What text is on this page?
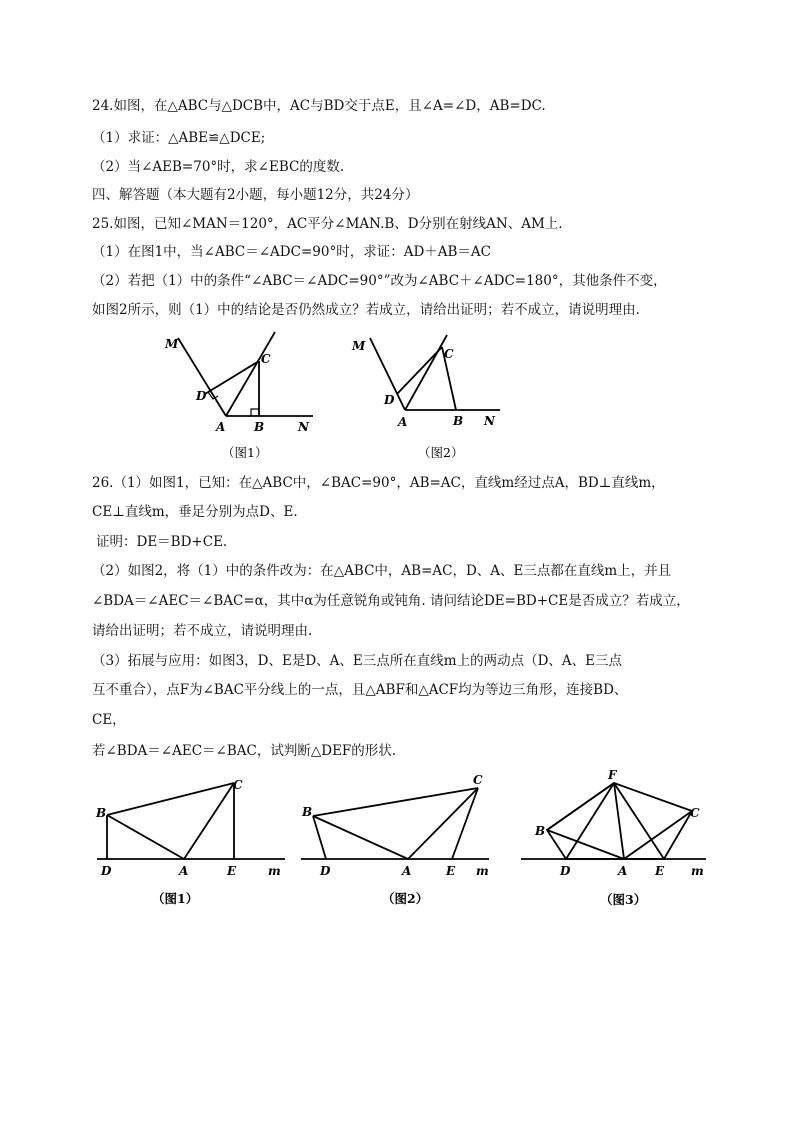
24.如图，在△ABC与△DCB中，AC与BD交于点E，且∠A=∠D，AB=DC.
（1）求证：△ABE≌△DCE;
（2）当∠AEB=70°时，求∠EBC的度数.
四、解答题（本大题有2小题，每小题12分，共24分）
25.如图，已知∠MAN＝120°，AC平分∠MAN.B、D分别在射线AN、AM上.
（1）在图1中，当∠ABC＝∠ADC=90°时，求证：AD＋AB＝AC
（2）若把（1）中的条件“∠ABC＝∠ADC=90°”改为∠ABC＋∠ADC=180°，其他条件不变，
如图2所示，则（1）中的结论是否仍然成立？若成立，请给出证明；若不成立，请说明理由.
M
C
D
A B	N
（图1）
M
C
D
A	B N
（图2）
26.（1）如图1，已知：在△ABC中，∠BAC=90°，AB=AC，直线m经过点A，BD⊥直线m，
CE⊥直线m，垂足分别为点D、E.
证明：DE＝BD+CE.
（2）如图2，将（1）中的条件改为：在△ABC中，AB=AC，D、A、E三点都在直线m上，并且
∠BDA＝∠AEC＝∠BAC=α，其中α为任意锐角或钝角. 请问结论DE=BD+CE是否成立？若成立，
请给出证明；若不成立，请说明理由.
（3）拓展与应用：如图3，D、E是D、A、E三点所在直线m上的两动点（D、A、E三点
互不重合），点F为∠BAC平分线上的一点，且△ABF和△ACF均为等边三角形，连接BD、
CE，
若∠BDA＝∠AEC＝∠BAC，试判断△DEF的形状.
B
C
D	A	E	m
（图1）
B
C
D	A	E m
（图2）
F
B
C
D	A E m
（图3）
